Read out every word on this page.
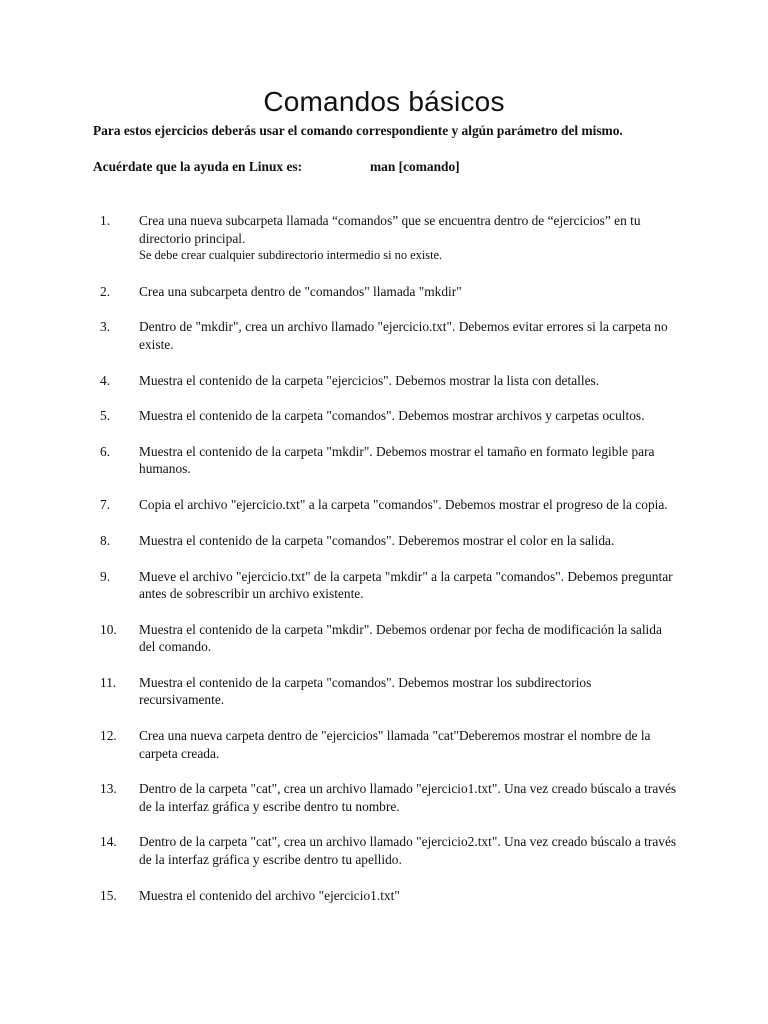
Comandos básicos

Para estos ejercicios deberás usar el comando correspondiente y algún parámetro del mismo.

Acuérdate que la ayuda en Linux es:	man [comando]

1.	Crea una nueva subcarpeta llamada “comandos” que se encuentra dentro de “ejercicios” en tu directorio principal.
Se debe crear cualquier subdirectorio intermedio si no existe.
2.	Crea una subcarpeta dentro de "comandos" llamada "mkdir"
3.	Dentro de "mkdir", crea un archivo llamado "ejercicio.txt". Debemos evitar errores si la carpeta no existe.
4.	Muestra el contenido de la carpeta "ejercicios". Debemos mostrar la lista con detalles.
5.	Muestra el contenido de la carpeta "comandos". Debemos mostrar archivos y carpetas ocultos.
6.	Muestra el contenido de la carpeta "mkdir". Debemos mostrar el tamaño en formato legible para humanos.
7.	Copia el archivo "ejercicio.txt" a la carpeta "comandos". Debemos mostrar el progreso de la copia.
8.	Muestra el contenido de la carpeta "comandos". Deberemos mostrar el color en la salida.
9.	Mueve el archivo "ejercicio.txt" de la carpeta "mkdir" a la carpeta "comandos". Debemos preguntar antes de sobrescribir un archivo existente.
10.	Muestra el contenido de la carpeta "mkdir". Debemos ordenar por fecha de modificación la salida del comando.
11.	Muestra el contenido de la carpeta "comandos". Debemos mostrar los subdirectorios recursivamente.
12.	Crea una nueva carpeta dentro de "ejercicios" llamada "cat"Deberemos mostrar el nombre de la carpeta creada.
13.	Dentro de la carpeta "cat", crea un archivo llamado "ejercicio1.txt". Una vez creado búscalo a través de la interfaz gráfica y escribe dentro tu nombre.
14.	Dentro de la carpeta "cat", crea un archivo llamado "ejercicio2.txt". Una vez creado búscalo a través de la interfaz gráfica y escribe dentro tu apellido.
15.	Muestra el contenido del archivo "ejercicio1.txt"
